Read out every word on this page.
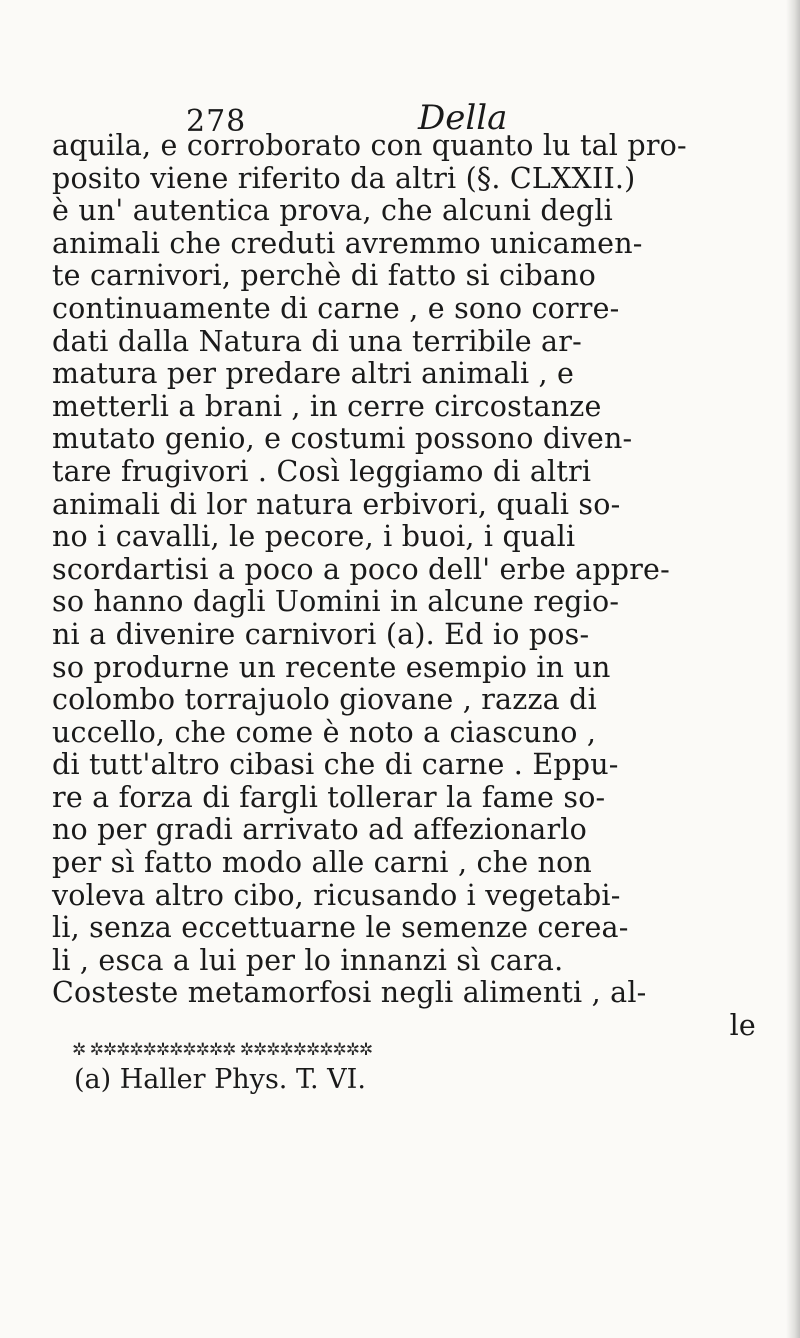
278	Della
aquila, e corroborato con quanto lu tal pro-
posito viene riferito da altri (§. CLXXII.)
è un' autentica prova, che alcuni degli
animali che creduti avremmo unicamen-
te carnivori, perchè di fatto si cibano
continuamente di carne , e sono corre-
dati dalla Natura di una terribile ar-
matura per predare altri animali , e
metterli a brani , in cerre circostanze
mutato genio, e costumi possono diven-
tare frugivori . Così leggiamo di altri
animali di lor natura erbivori, quali so-
no i cavalli, le pecore, i buoi, i quali
scordartisi a poco a poco dell' erbe appre-
so hanno dagli Uomini in alcune regio-
ni a divenire carnivori (a). Ed io pos-
so produrne un recente esempio in un
colombo torrajuolo giovane , razza di
uccello, che come è noto a ciascuno ,
di tutt'altro cibasi che di carne . Eppu-
re a forza di fargli tollerar la fame so-
no per gradi arrivato ad affezionarlo
per sì fatto modo alle carni , che non
voleva altro cibo, ricusando i vegetabi-
li, senza eccettuarne le semenze cerea-
li , esca a lui per lo innanzi sì cara.
Costeste metamorfosi negli alimenti , al-
le
✲ ✲✲✲✲✲✲✲✲✲✲✲ ✲✲✲✲✲✲✲✲✲✲
(a) Haller Phys. T. VI.
